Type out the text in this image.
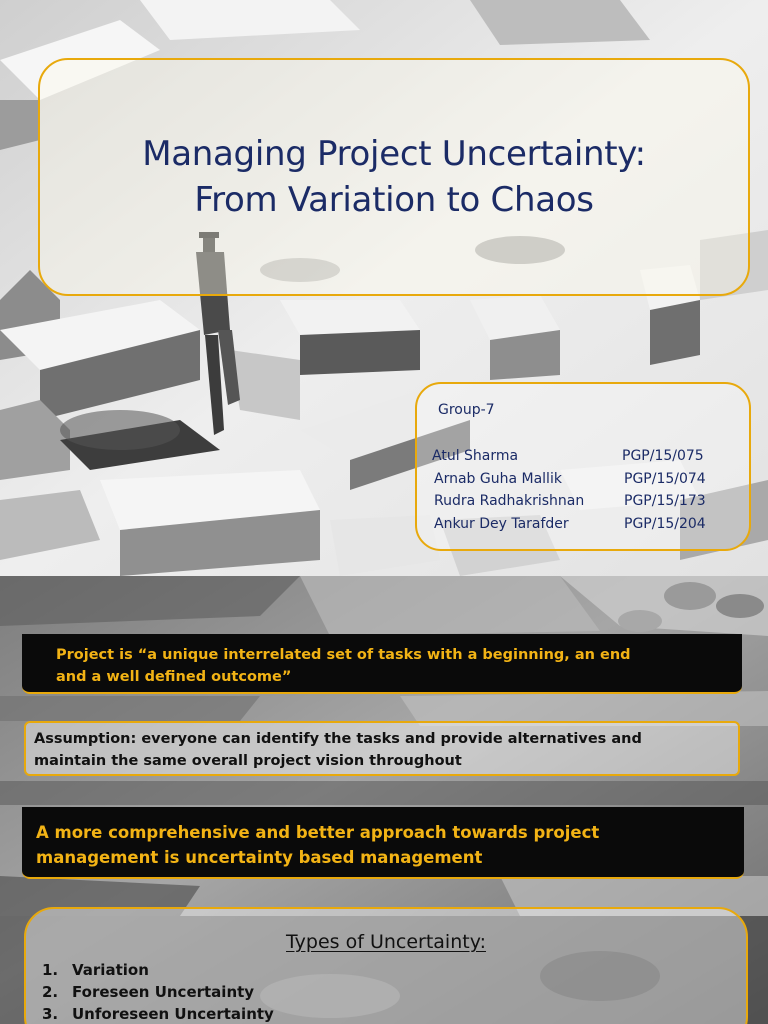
Managing Project Uncertainty:
From Variation to Chaos
Group-7
Atul Sharma	PGP/15/075
Arnab Guha Mallik	PGP/15/074
Rudra Radhakrishnan	PGP/15/173
Ankur Dey Tarafder	PGP/15/204
Project is “a unique interrelated set of tasks with a beginning, an end
and a well defined outcome”
Assumption: everyone can identify the tasks and provide alternatives and
maintain the same overall project vision throughout
A more comprehensive and better approach towards project
management is uncertainty based management
Types of Uncertainty:
1. Variation
2. Foreseen Uncertainty
3. Unforeseen Uncertainty
